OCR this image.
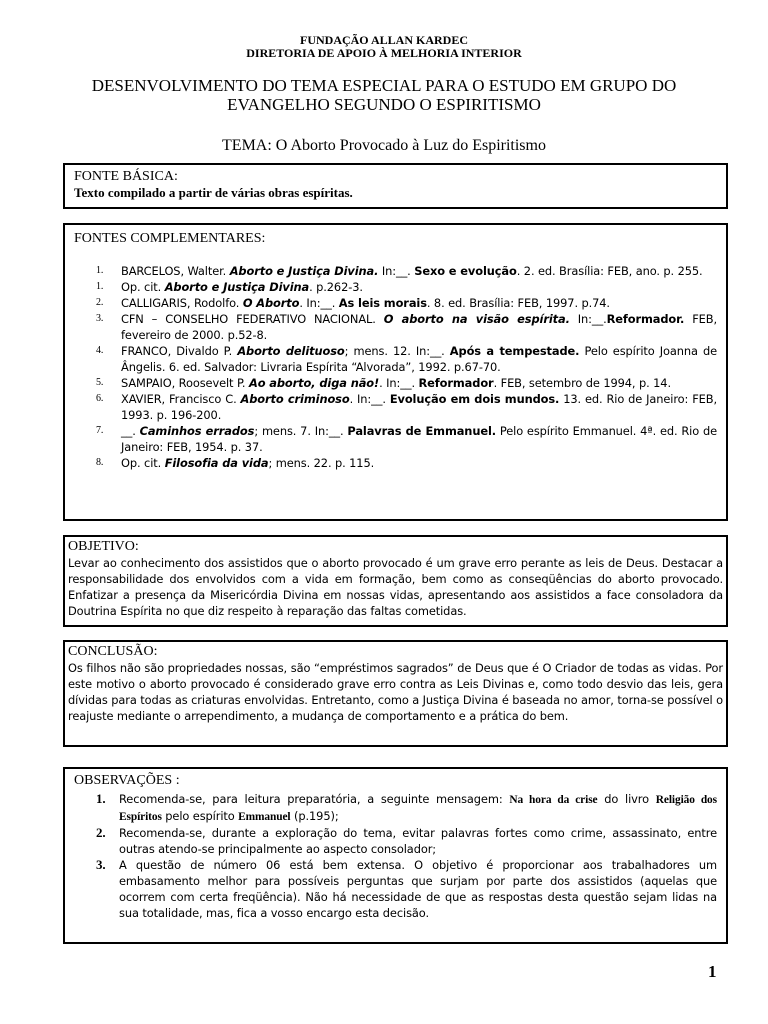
FUNDAÇÃO ALLAN KARDEC
DIRETORIA DE APOIO À MELHORIA INTERIOR
DESENVOLVIMENTO DO TEMA ESPECIAL PARA O ESTUDO EM GRUPO DO EVANGELHO SEGUNDO O ESPIRITISMO
TEMA: O Aborto Provocado à Luz do Espiritismo
FONTE BÁSICA:
Texto compilado a partir de várias obras espíritas.
FONTES COMPLEMENTARES:
1. BARCELOS, Walter. Aborto e Justiça Divina. In:__. Sexo e evolução. 2. ed. Brasília: FEB, ano. p. 255.
1. Op. cit. Aborto e Justiça Divina. p.262-3.
2. CALLIGARIS, Rodolfo. O Aborto. In:__. As leis morais. 8. ed. Brasília: FEB, 1997. p.74.
3. CFN – CONSELHO FEDERATIVO NACIONAL. O aborto na visão espírita. In:__.Reformador. FEB, fevereiro de 2000. p.52-8.
4. FRANCO, Divaldo P. Aborto delituoso; mens. 12. In:__. Após a tempestade. Pelo espírito Joanna de Ângelis. 6. ed. Salvador: Livraria Espírita “Alvorada”, 1992. p.67-70.
5. SAMPAIO, Roosevelt P. Ao aborto, diga não!. In:__. Reformador. FEB, setembro de 1994, p. 14.
6. XAVIER, Francisco C. Aborto criminoso. In:__. Evolução em dois mundos. 13. ed. Rio de Janeiro: FEB, 1993. p. 196-200.
7. __. Caminhos errados; mens. 7. In:__. Palavras de Emmanuel. Pelo espírito Emmanuel. 4ª. ed. Rio de Janeiro: FEB, 1954. p. 37.
8. Op. cit. Filosofia da vida; mens. 22. p. 115.
OBJETIVO:
Levar ao conhecimento dos assistidos que o aborto provocado é um grave erro perante as leis de Deus. Destacar a responsabilidade dos envolvidos com a vida em formação, bem como as conseqüências do aborto provocado. Enfatizar a presença da Misericórdia Divina em nossas vidas, apresentando aos assistidos a face consoladora da Doutrina Espírita no que diz respeito à reparação das faltas cometidas.
CONCLUSÃO:
Os filhos não são propriedades nossas, são “empréstimos sagrados” de Deus que é O Criador de todas as vidas. Por este motivo o aborto provocado é considerado grave erro contra as Leis Divinas e, como todo desvio das leis, gera dívidas para todas as criaturas envolvidas. Entretanto, como a Justiça Divina é baseada no amor, torna-se possível o reajuste mediante o arrependimento, a mudança de comportamento e a prática do bem.
OBSERVAÇÕES :
1. Recomenda-se, para leitura preparatória, a seguinte mensagem: Na hora da crise do livro Religião dos Espíritos pelo espírito Emmanuel (p.195);
2. Recomenda-se, durante a exploração do tema, evitar palavras fortes como crime, assassinato, entre outras atendo-se principalmente ao aspecto consolador;
3. A questão de número 06 está bem extensa. O objetivo é proporcionar aos trabalhadores um embasamento melhor para possíveis perguntas que surjam por parte dos assistidos (aquelas que ocorrem com certa freqüência). Não há necessidade de que as respostas desta questão sejam lidas na sua totalidade, mas, fica a vosso encargo esta decisão.
1
